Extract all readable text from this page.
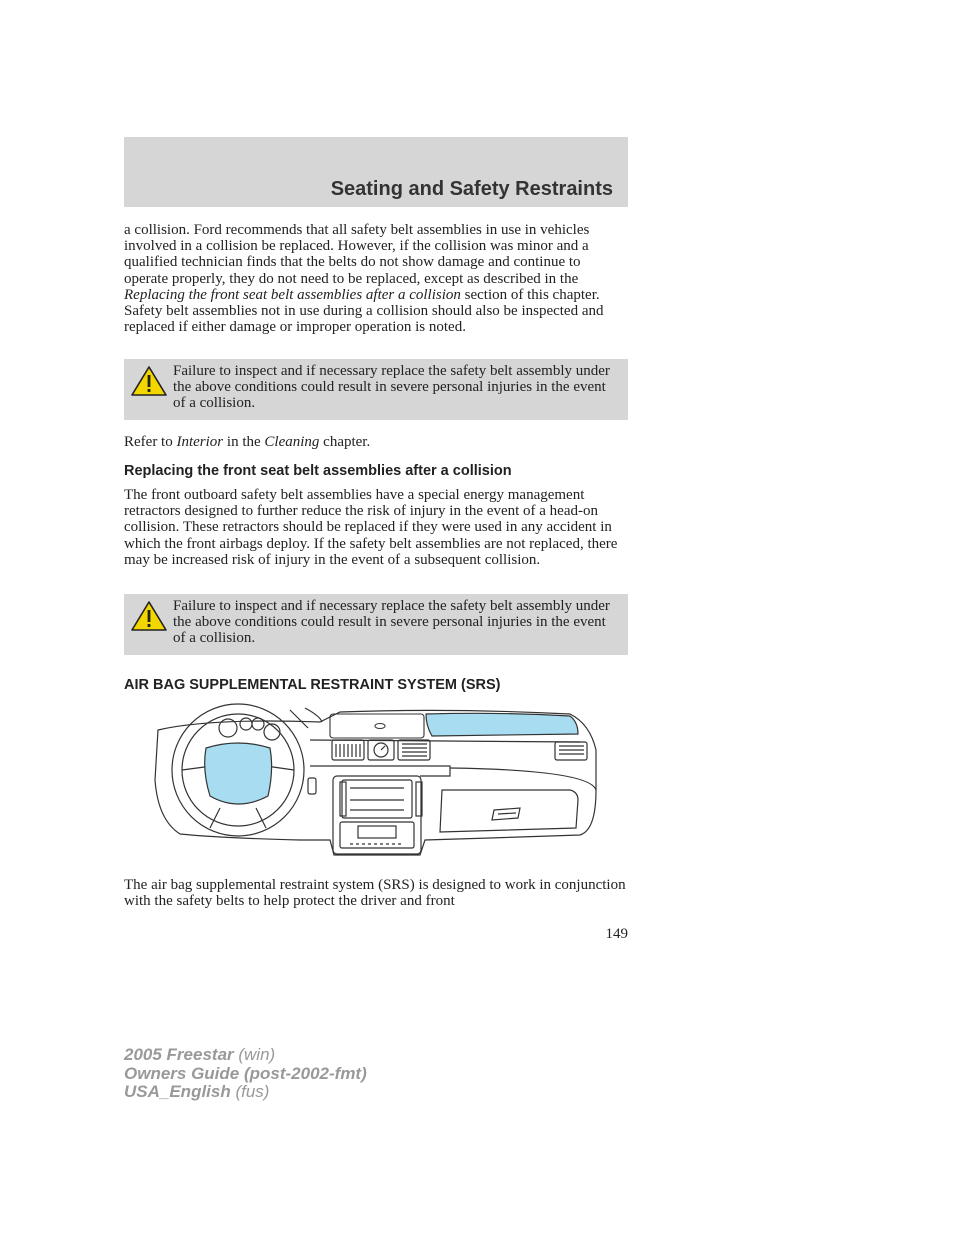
Seating and Safety Restraints

a collision. Ford recommends that all safety belt assemblies in use in vehicles involved in a collision be replaced. However, if the collision was minor and a qualified technician finds that the belts do not show damage and continue to operate properly, they do not need to be replaced, except as described in the Replacing the front seat belt assemblies after a collision section of this chapter. Safety belt assemblies not in use during a collision should also be inspected and replaced if either damage or improper operation is noted.

Failure to inspect and if necessary replace the safety belt assembly under the above conditions could result in severe personal injuries in the event of a collision.

Refer to Interior in the Cleaning chapter.

Replacing the front seat belt assemblies after a collision

The front outboard safety belt assemblies have a special energy management retractors designed to further reduce the risk of injury in the event of a head-on collision. These retractors should be replaced if they were used in any accident in which the front airbags deploy. If the safety belt assemblies are not replaced, there may be increased risk of injury in the event of a subsequent collision.

Failure to inspect and if necessary replace the safety belt assembly under the above conditions could result in severe personal injuries in the event of a collision.
AIR BAG SUPPLEMENTAL RESTRAINT SYSTEM (SRS)

The air bag supplemental restraint system (SRS) is designed to work in conjunction with the safety belts to help protect the driver and front

149
2005 Freestar (win)
Owners Guide (post-2002-fmt)
USA_English (fus)
